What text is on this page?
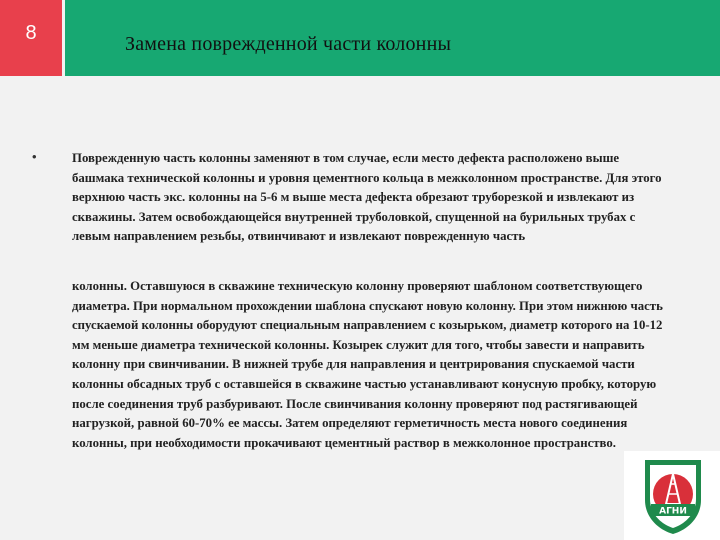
8	Замена поврежденной части колонны
•	Поврежденную часть колонны заменяют в том случае, если место дефекта расположено выше башмака технической колонны и уровня цементного кольца в межколонном пространстве. Для этого верхнюю часть экс. колонны на 5-6 м выше места дефекта обрезают труборезкой и извлекают из скважины. Затем освобождающейся внутренней труболовкой, спущенной на бурильных трубах с левым направлением резьбы, отвинчивают и извлекают поврежденную часть

колонны. Оставшуюся в скважине техническую колонну проверяют шаблоном соответствующего диаметра. При нормальном прохождении шаблона спускают новую колонну. При этом нижнюю часть спускаемой колонны оборудуют специальным направлением с козырьком, диаметр которого на 10-12 мм меньше диаметра технической колонны. Козырек служит для того, чтобы завести и направить колонну при свинчивании. В нижней трубе для направления и центрирования спускаемой части колонны обсадных труб с оставшейся в скважине частью устанавливают конусную пробку, которую после соединения труб разбуривают. После свинчивания колонну проверяют под растягивающей нагрузкой, равной 60-70% ее массы. Затем определяют герметичность места нового соединения колонны, при необходимости прокачивают цементный раствор в межколонное пространство.

АГНИ
